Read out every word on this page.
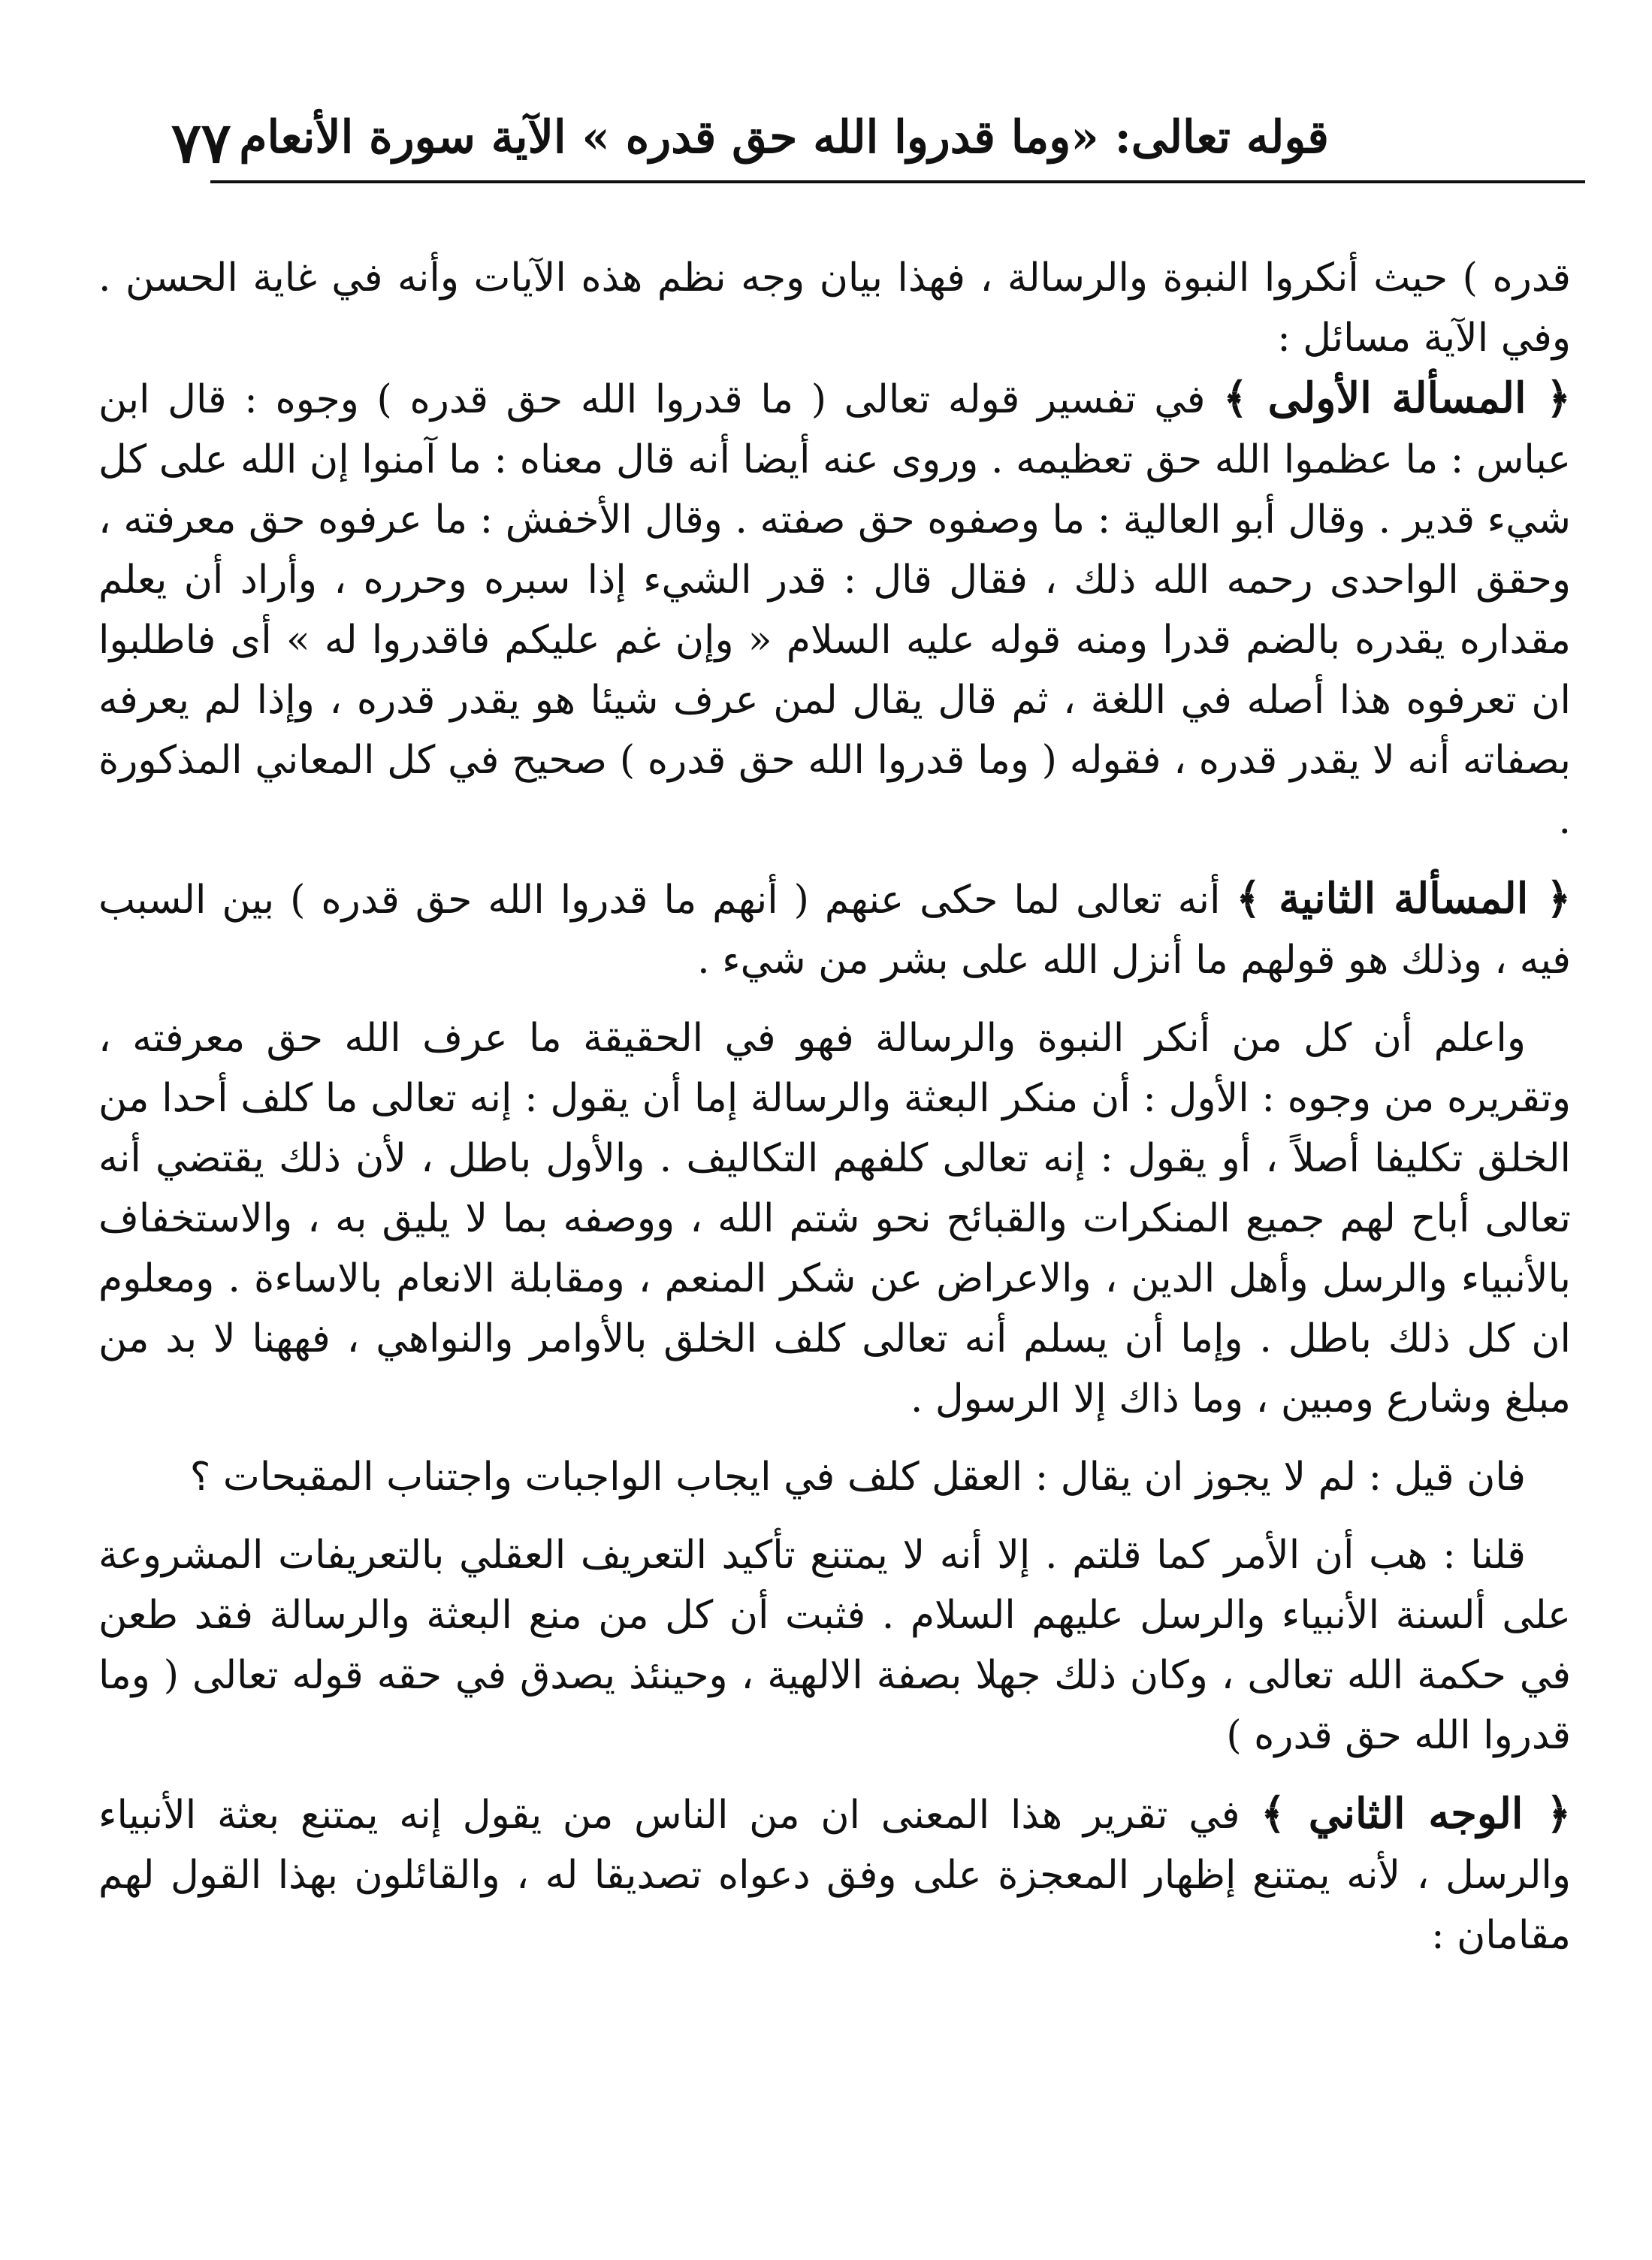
٧٧ قوله تعالى: «وما قدروا الله حق قدره » الآية سورة الأنعام

قدره ) حيث أنكروا النبوة والرسالة ، فهذا بيان وجه نظم هذه الآيات وأنه في غاية الحسن . وفي الآية مسائل :

﴿ المسألة الأولى ﴾ في تفسير قوله تعالى ( ما قدروا الله حق قدره ) وجوه : قال ابن عباس : ما عظموا الله حق تعظيمه . وروى عنه أيضا أنه قال معناه : ما آمنوا إن الله على كل شيء قدير . وقال أبو العالية : ما وصفوه حق صفته . وقال الأخفش : ما عرفوه حق معرفته ، وحقق الواحدى رحمه الله ذلك ، فقال قال : قدر الشيء إذا سبره وحرره ، وأراد أن يعلم مقداره يقدره بالضم قدرا ومنه قوله عليه السلام « وإن غم عليكم فاقدروا له » أى فاطلبوا ان تعرفوه هذا أصله في اللغة ، ثم قال يقال لمن عرف شيئا هو يقدر قدره ، وإذا لم يعرفه بصفاته أنه لا يقدر قدره ، فقوله ( وما قدروا الله حق قدره ) صحيح في كل المعاني المذكورة .

﴿ المسألة الثانية ﴾ أنه تعالى لما حكى عنهم ( أنهم ما قدروا الله حق قدره ) بين السبب فيه ، وذلك هو قولهم ما أنزل الله على بشر من شيء .

واعلم أن كل من أنكر النبوة والرسالة فهو في الحقيقة ما عرف الله حق معرفته ، وتقريره من وجوه : الأول : أن منكر البعثة والرسالة إما أن يقول : إنه تعالى ما كلف أحدا من الخلق تكليفا أصلاً ، أو يقول : إنه تعالى كلفهم التكاليف . والأول باطل ، لأن ذلك يقتضي أنه تعالى أباح لهم جميع المنكرات والقبائح نحو شتم الله ، ووصفه بما لا يليق به ، والاستخفاف بالأنبياء والرسل وأهل الدين ، والاعراض عن شكر المنعم ، ومقابلة الانعام بالاساءة . ومعلوم ان كل ذلك باطل . وإما أن يسلم أنه تعالى كلف الخلق بالأوامر والنواهي ، فههنا لا بد من مبلغ وشارع ومبين ، وما ذاك إلا الرسول .

فان قيل : لم لا يجوز ان يقال : العقل كلف في ايجاب الواجبات واجتناب المقبحات ؟

قلنا : هب أن الأمر كما قلتم . إلا أنه لا يمتنع تأكيد التعريف العقلي بالتعريفات المشروعة على ألسنة الأنبياء والرسل عليهم السلام . فثبت أن كل من منع البعثة والرسالة فقد طعن في حكمة الله تعالى ، وكان ذلك جهلا بصفة الالهية ، وحينئذ يصدق في حقه قوله تعالى ( وما قدروا الله حق قدره )

﴿ الوجه الثاني ﴾ في تقرير هذا المعنى ان من الناس من يقول إنه يمتنع بعثة الأنبياء والرسل ، لأنه يمتنع إظهار المعجزة على وفق دعواه تصديقا له ، والقائلون بهذا القول لهم مقامان :
